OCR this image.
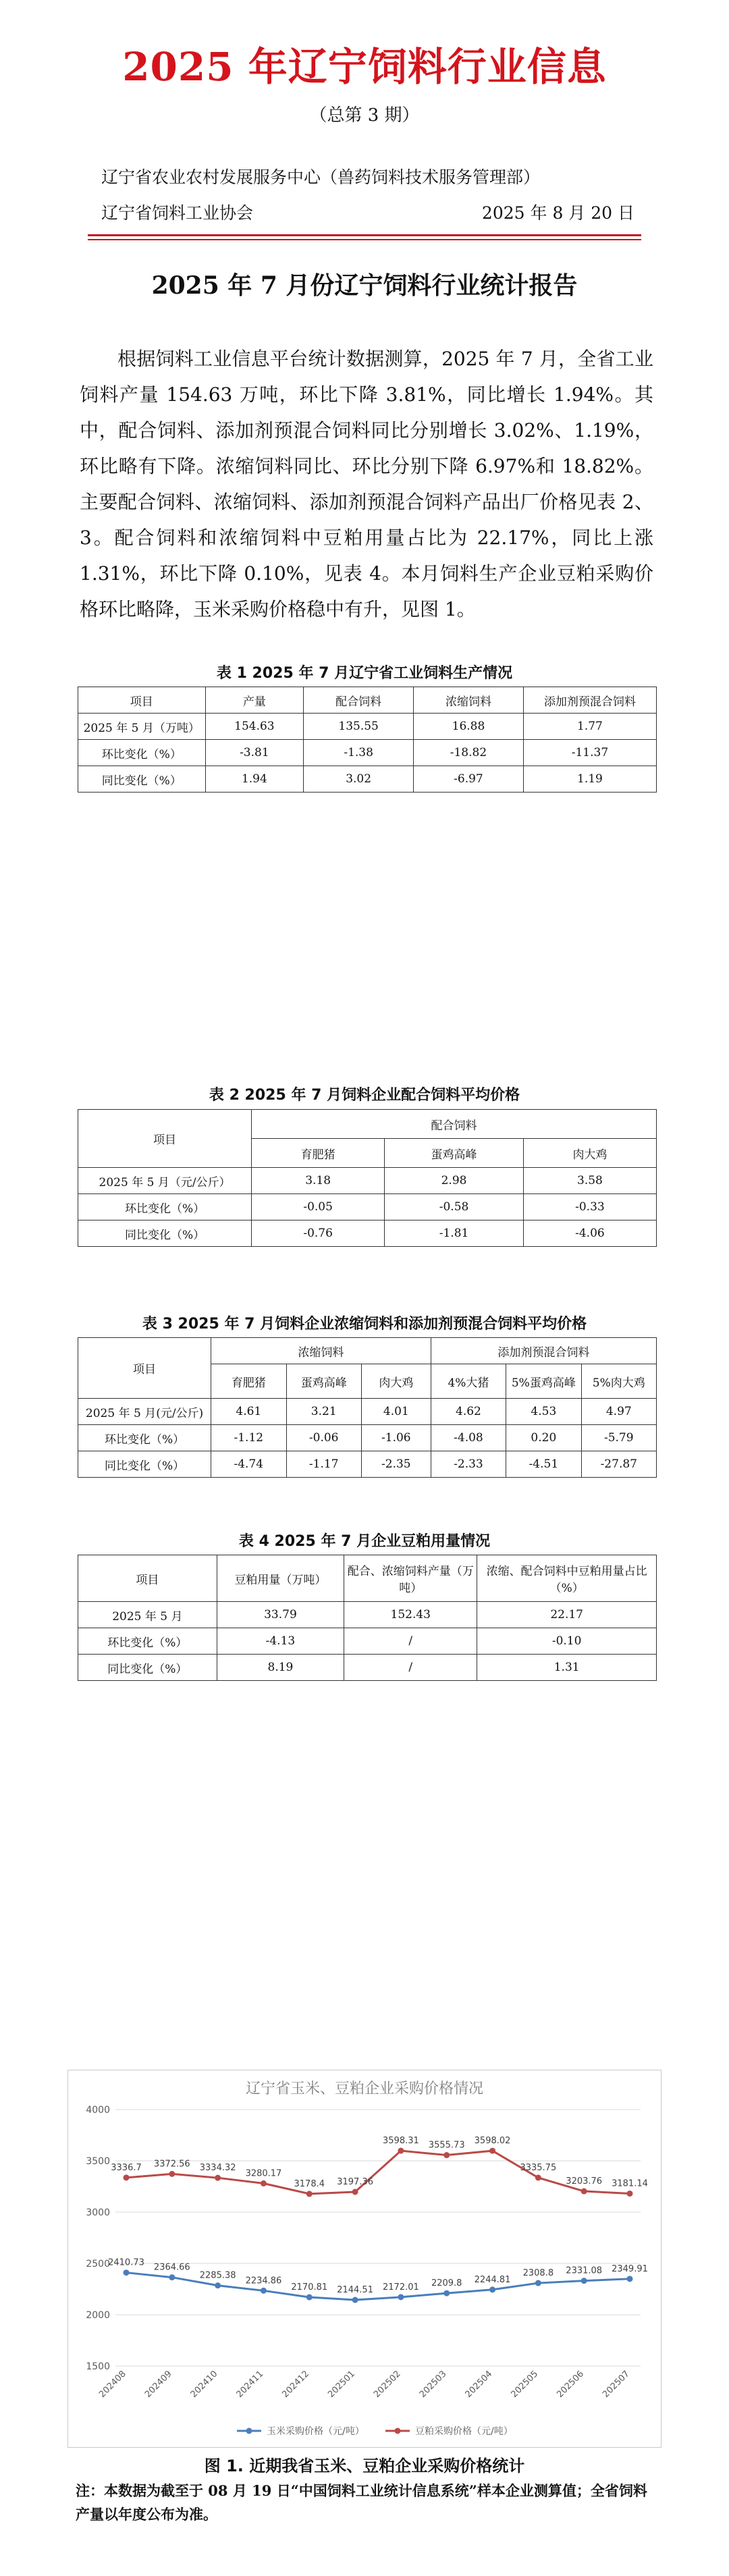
2025 年辽宁饲料行业信息
（总第 3 期）
辽宁省农业农村发展服务中心（兽药饲料技术服务管理部）
辽宁省饲料工业协会	2025 年 8 月 20 日
2025 年 7 月份辽宁饲料行业统计报告
根据饲料工业信息平台统计数据测算，2025 年 7 月，全省工业饲料产量 154.63 万吨，环比下降 3.81%，同比增长 1.94%。其中，配合饲料、添加剂预混合饲料同比分别增长 3.02%、1.19%，环比略有下降。浓缩饲料同比、环比分别下降 6.97%和 18.82%。主要配合饲料、浓缩饲料、添加剂预混合饲料产品出厂价格见表 2、3。配合饲料和浓缩饲料中豆粕用量占比为 22.17%，同比上涨 1.31%，环比下降 0.10%，见表 4。本月饲料生产企业豆粕采购价格环比略降，玉米采购价格稳中有升，见图 1。
表 1 2025 年 7 月辽宁省工业饲料生产情况
项目	产量	配合饲料	浓缩饲料	添加剂预混合饲料
2025 年 5 月（万吨）	154.63	135.55	16.88	1.77
环比变化（%）	-3.81	-1.38	-18.82	-11.37
同比变化（%）	1.94	3.02	-6.97	1.19
表 2 2025 年 7 月饲料企业配合饲料平均价格
项目	配合饲料		
	育肥猪	蛋鸡高峰	肉大鸡
2025 年 5 月（元/公斤）	3.18	2.98	3.58
环比变化（%）	-0.05	-0.58	-0.33
同比变化（%）	-0.76	-1.81	-4.06
表 3 2025 年 7 月饲料企业浓缩饲料和添加剂预混合饲料平均价格
项目	浓缩饲料			添加剂预混合饲料		
	育肥猪	蛋鸡高峰	肉大鸡	4%大猪	5%蛋鸡高峰	5%肉大鸡
2025 年 5 月(元/公斤)	4.61	3.21	4.01	4.62	4.53	4.97
环比变化（%）	-1.12	-0.06	-1.06	-4.08	0.20	-5.79
同比变化（%）	-4.74	-1.17	-2.35	-2.33	-4.51	-27.87
表 4 2025 年 7 月企业豆粕用量情况
项目	豆粕用量（万吨）	配合、浓缩饲料产量（万吨）	浓缩、配合饲料中豆粕用量占比（%）
2025 年 5 月	33.79	152.43	22.17
环比变化（%）	-4.13	/	-0.10
同比变化（%）	8.19	/	1.31
辽宁省玉米、豆粕企业采购价格情况
1500
2000
2500
3000
3500
4000
202408 202409 202410 202411 202412 202501 202502 202503 202504 202505 202506 202507
2410.73 2364.66
2285.38
2234.86
2170.81 2144.51 2172.01 2209.8 2244.81
2308.8 2331.08 2349.91
3336.7 3372.56 3334.32
3280.17
3178.4 3197.36
3598.31 3555.73 3598.02
3335.75
3203.76 3181.14
玉米采购价格（元/吨）	豆粕采购价格（元/吨）
图 1. 近期我省玉米、豆粕企业采购价格统计
注：本数据为截至于 08 月 19 日“中国饲料工业统计信息系统”样本企业测算值；全省饲料产量以年度公布为准。
